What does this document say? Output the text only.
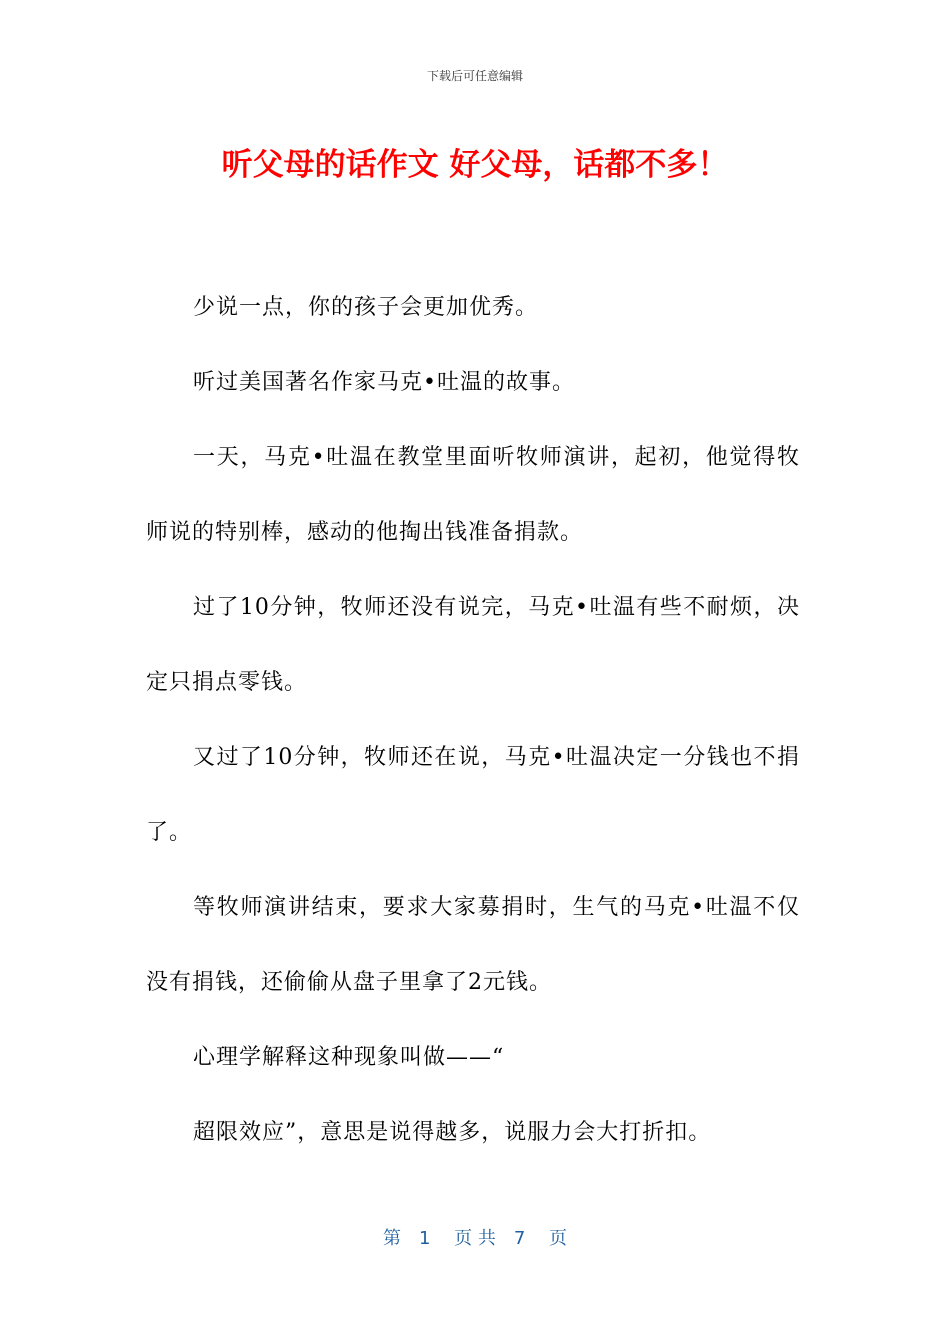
下载后可任意编辑
听父母的话作文 好父母，话都不多！

少说一点，你的孩子会更加优秀。

听过美国著名作家马克•吐温的故事。

一天，马克•吐温在教堂里面听牧师演讲，起初，他觉得牧师说的特别棒，感动的他掏出钱准备捐款。

过了10分钟，牧师还没有说完，马克•吐温有些不耐烦，决定只捐点零钱。

又过了10分钟，牧师还在说，马克•吐温决定一分钱也不捐了。

等牧师演讲结束，要求大家募捐时，生气的马克•吐温不仅没有捐钱，还偷偷从盘子里拿了2元钱。

心理学解释这种现象叫做——“

超限效应”，意思是说得越多，说服力会大打折扣。

第　1　 页 共　7　 页
